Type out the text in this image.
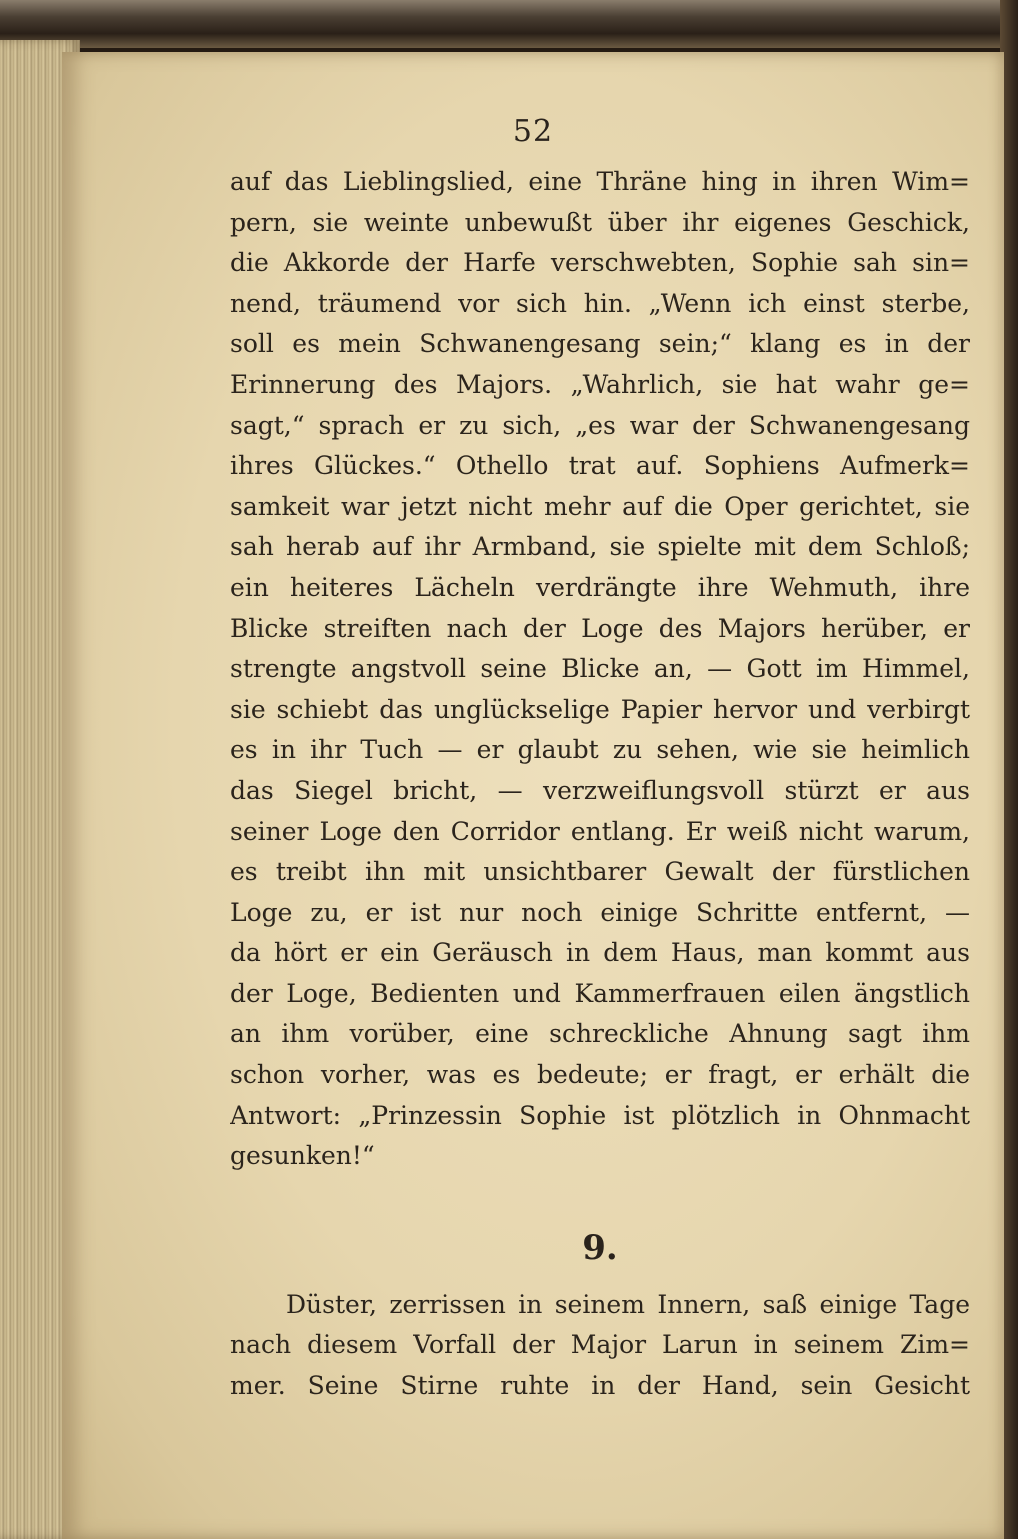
52
auf das Lieblingslied, eine Thräne hing in ihren Wim=
pern, sie weinte unbewußt über ihr eigenes Geschick,
die Akkorde der Harfe verschwebten, Sophie sah sin=
nend, träumend vor sich hin. „Wenn ich einst sterbe,
soll es mein Schwanengesang sein;“ klang es in der
Erinnerung des Majors. „Wahrlich, sie hat wahr ge=
sagt,“ sprach er zu sich, „es war der Schwanengesang
ihres Glückes.“ Othello trat auf. Sophiens Aufmerk=
samkeit war jetzt nicht mehr auf die Oper gerichtet, sie
sah herab auf ihr Armband, sie spielte mit dem Schloß;
ein heiteres Lächeln verdrängte ihre Wehmuth, ihre
Blicke streiften nach der Loge des Majors herüber, er
strengte angstvoll seine Blicke an, — Gott im Himmel,
sie schiebt das unglückselige Papier hervor und verbirgt
es in ihr Tuch — er glaubt zu sehen, wie sie heimlich
das Siegel bricht, — verzweiflungsvoll stürzt er aus
seiner Loge den Corridor entlang. Er weiß nicht warum,
es treibt ihn mit unsichtbarer Gewalt der fürstlichen
Loge zu, er ist nur noch einige Schritte entfernt, —
da hört er ein Geräusch in dem Haus, man kommt aus
der Loge, Bedienten und Kammerfrauen eilen ängstlich
an ihm vorüber, eine schreckliche Ahnung sagt ihm
schon vorher, was es bedeute; er fragt, er erhält die
Antwort: „Prinzessin Sophie ist plötzlich in Ohnmacht
gesunken!“
9.
Düster, zerrissen in seinem Innern, saß einige Tage
nach diesem Vorfall der Major Larun in seinem Zim=
mer. Seine Stirne ruhte in der Hand, sein Gesicht
